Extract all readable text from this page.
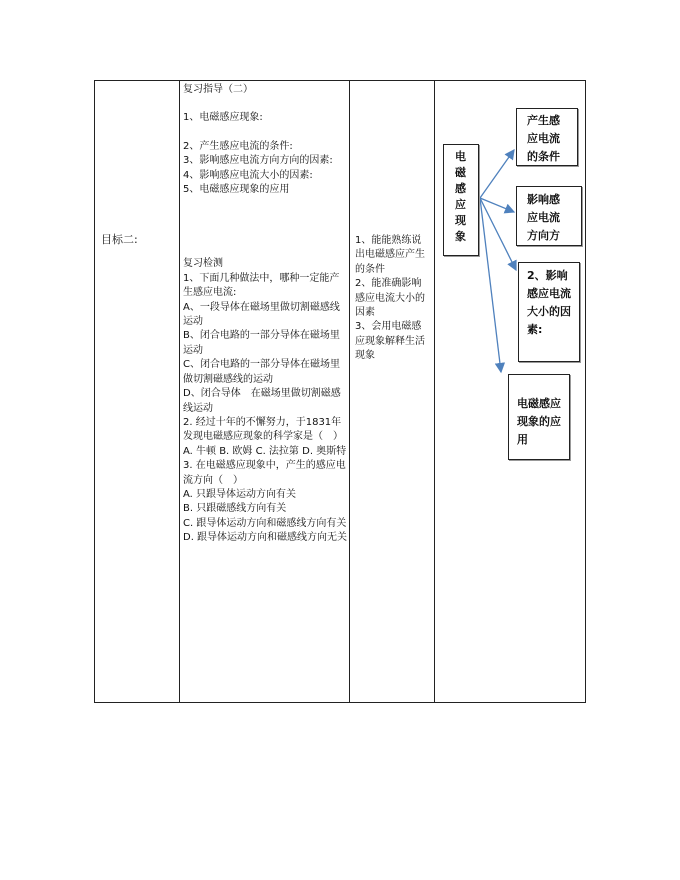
目标二:

复习指导（二）

1、电磁感应现象:

2、产生感应电流的条件:

3、影响感应电流方向方向的因素:

4、影响感应电流大小的因素:

5、电磁感应现象的应用

复习检测

1、下面几种做法中，哪种一定能产生感应电流:

A、一段导体在磁场里做切割磁感线运动

B、闭合电路的一部分导体在磁场里运动

C、闭合电路的一部分导体在磁场里做切割磁感线的运动

D、闭合导体　在磁场里做切割磁感线运动

2. 经过十年的不懈努力，于1831年发现电磁感应现象的科学家是（　）

A. 牛顿 B. 欧姆 C. 法拉第 D. 奥斯特

3. 在电磁感应现象中，产生的感应电流方向（　）

A. 只跟导体运动方向有关

B. 只跟磁感线方向有关

C. 跟导体运动方向和磁感线方向有关

D. 跟导体运动方向和磁感线方向无关

1、能能熟练说出电磁感应产生的条件

2、能准确影响感应电流大小的因素

3、会用电磁感应现象解释生活现象

电磁感应现象
产生感应电流的条件
影响感应电流方向方
2、影响感应电流大小的因素:
电磁感应现象的应用
